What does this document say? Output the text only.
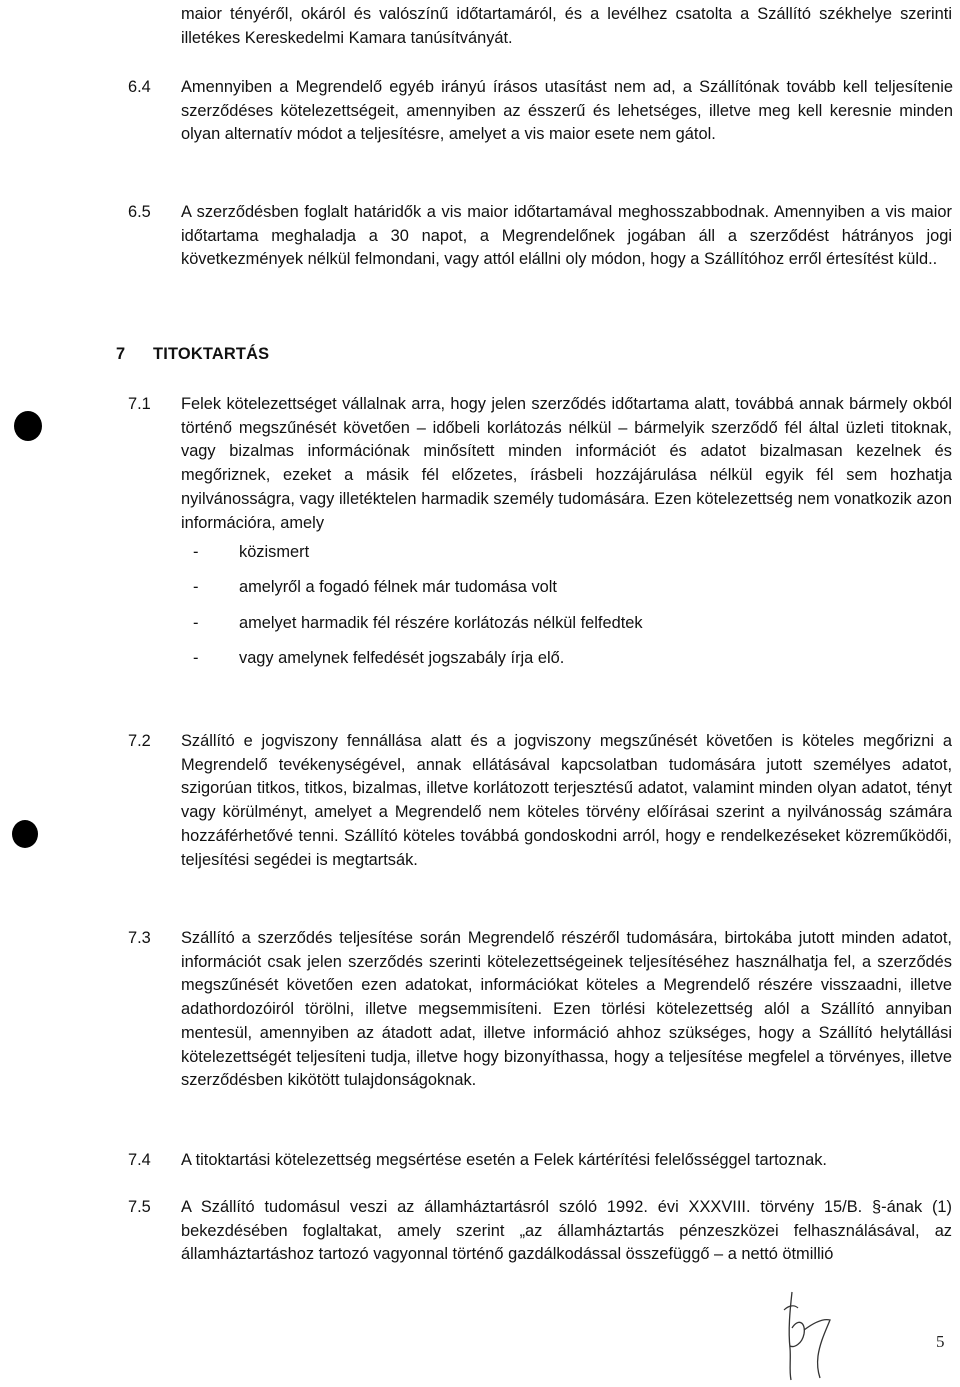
maior tényéről, okáról és valószínű időtartamáról, és a levélhez csatolta a Szállító székhelye szerinti illetékes Kereskedelmi Kamara tanúsítványát.

6.4 Amennyiben a Megrendelő egyéb irányú írásos utasítást nem ad, a Szállítónak tovább kell teljesítenie szerződéses kötelezettségeit, amennyiben az ésszerű és lehetséges, illetve meg kell keresnie minden olyan alternatív módot a teljesítésre, amelyet a vis maior esete nem gátol.

6.5 A szerződésben foglalt határidők a vis maior időtartamával meghosszabbodnak. Amennyiben a vis maior időtartama meghaladja a 30 napot, a Megrendelőnek jogában áll a szerződést hátrányos jogi következmények nélkül felmondani, vagy attól elállni oly módon, hogy a Szállítóhoz erről értesítést küld..

7 TITOKTARTÁS

7.1 Felek kötelezettséget vállalnak arra, hogy jelen szerződés időtartama alatt, továbbá annak bármely okból történő megszűnését követően – időbeli korlátozás nélkül – bármelyik szerződő fél által üzleti titoknak, vagy bizalmas információnak minősített minden információt és adatot bizalmasan kezelnek és megőriznek, ezeket a másik fél előzetes, írásbeli hozzájárulása nélkül egyik fél sem hozhatja nyilvánosságra, vagy illetéktelen harmadik személy tudomására. Ezen kötelezettség nem vonatkozik azon információra, amely

- közismert
- amelyről a fogadó félnek már tudomása volt
- amelyet harmadik fél részére korlátozás nélkül felfedtek
- vagy amelynek felfedését jogszabály írja elő.

7.2 Szállító e jogviszony fennállása alatt és a jogviszony megszűnését követően is köteles megőrizni a Megrendelő tevékenységével, annak ellátásával kapcsolatban tudomására jutott személyes adatot, szigorúan titkos, titkos, bizalmas, illetve korlátozott terjesztésű adatot, valamint minden olyan adatot, tényt vagy körülményt, amelyet a Megrendelő nem köteles törvény előírásai szerint a nyilvánosság számára hozzáférhetővé tenni. Szállító köteles továbbá gondoskodni arról, hogy e rendelkezéseket közreműködői, teljesítési segédei is megtartsák.

7.3 Szállító a szerződés teljesítése során Megrendelő részéről tudomására, birtokába jutott minden adatot, információt csak jelen szerződés szerinti kötelezettségeinek teljesítéséhez használhatja fel, a szerződés megszűnését követően ezen adatokat, információkat köteles a Megrendelő részére visszaadni, illetve adathordozóiról törölni, illetve megsemmisíteni. Ezen törlési kötelezettség alól a Szállító annyiban mentesül, amennyiben az átadott adat, illetve információ ahhoz szükséges, hogy a Szállító helytállási kötelezettségét teljesíteni tudja, illetve hogy bizonyíthassa, hogy a teljesítése megfelel a törvényes, illetve szerződésben kikötött tulajdonságoknak.

7.4 A titoktartási kötelezettség megsértése esetén a Felek kártérítési felelősséggel tartoznak.

7.5 A Szállító tudomásul veszi az államháztartásról szóló 1992. évi XXXVIII. törvény 15/B. §-ának (1) bekezdésében foglaltakat, amely szerint „az államháztartás pénzeszközei felhasználásával, az államháztartáshoz tartozó vagyonnal történő gazdálkodással összefüggő – a nettó ötmillió

5
